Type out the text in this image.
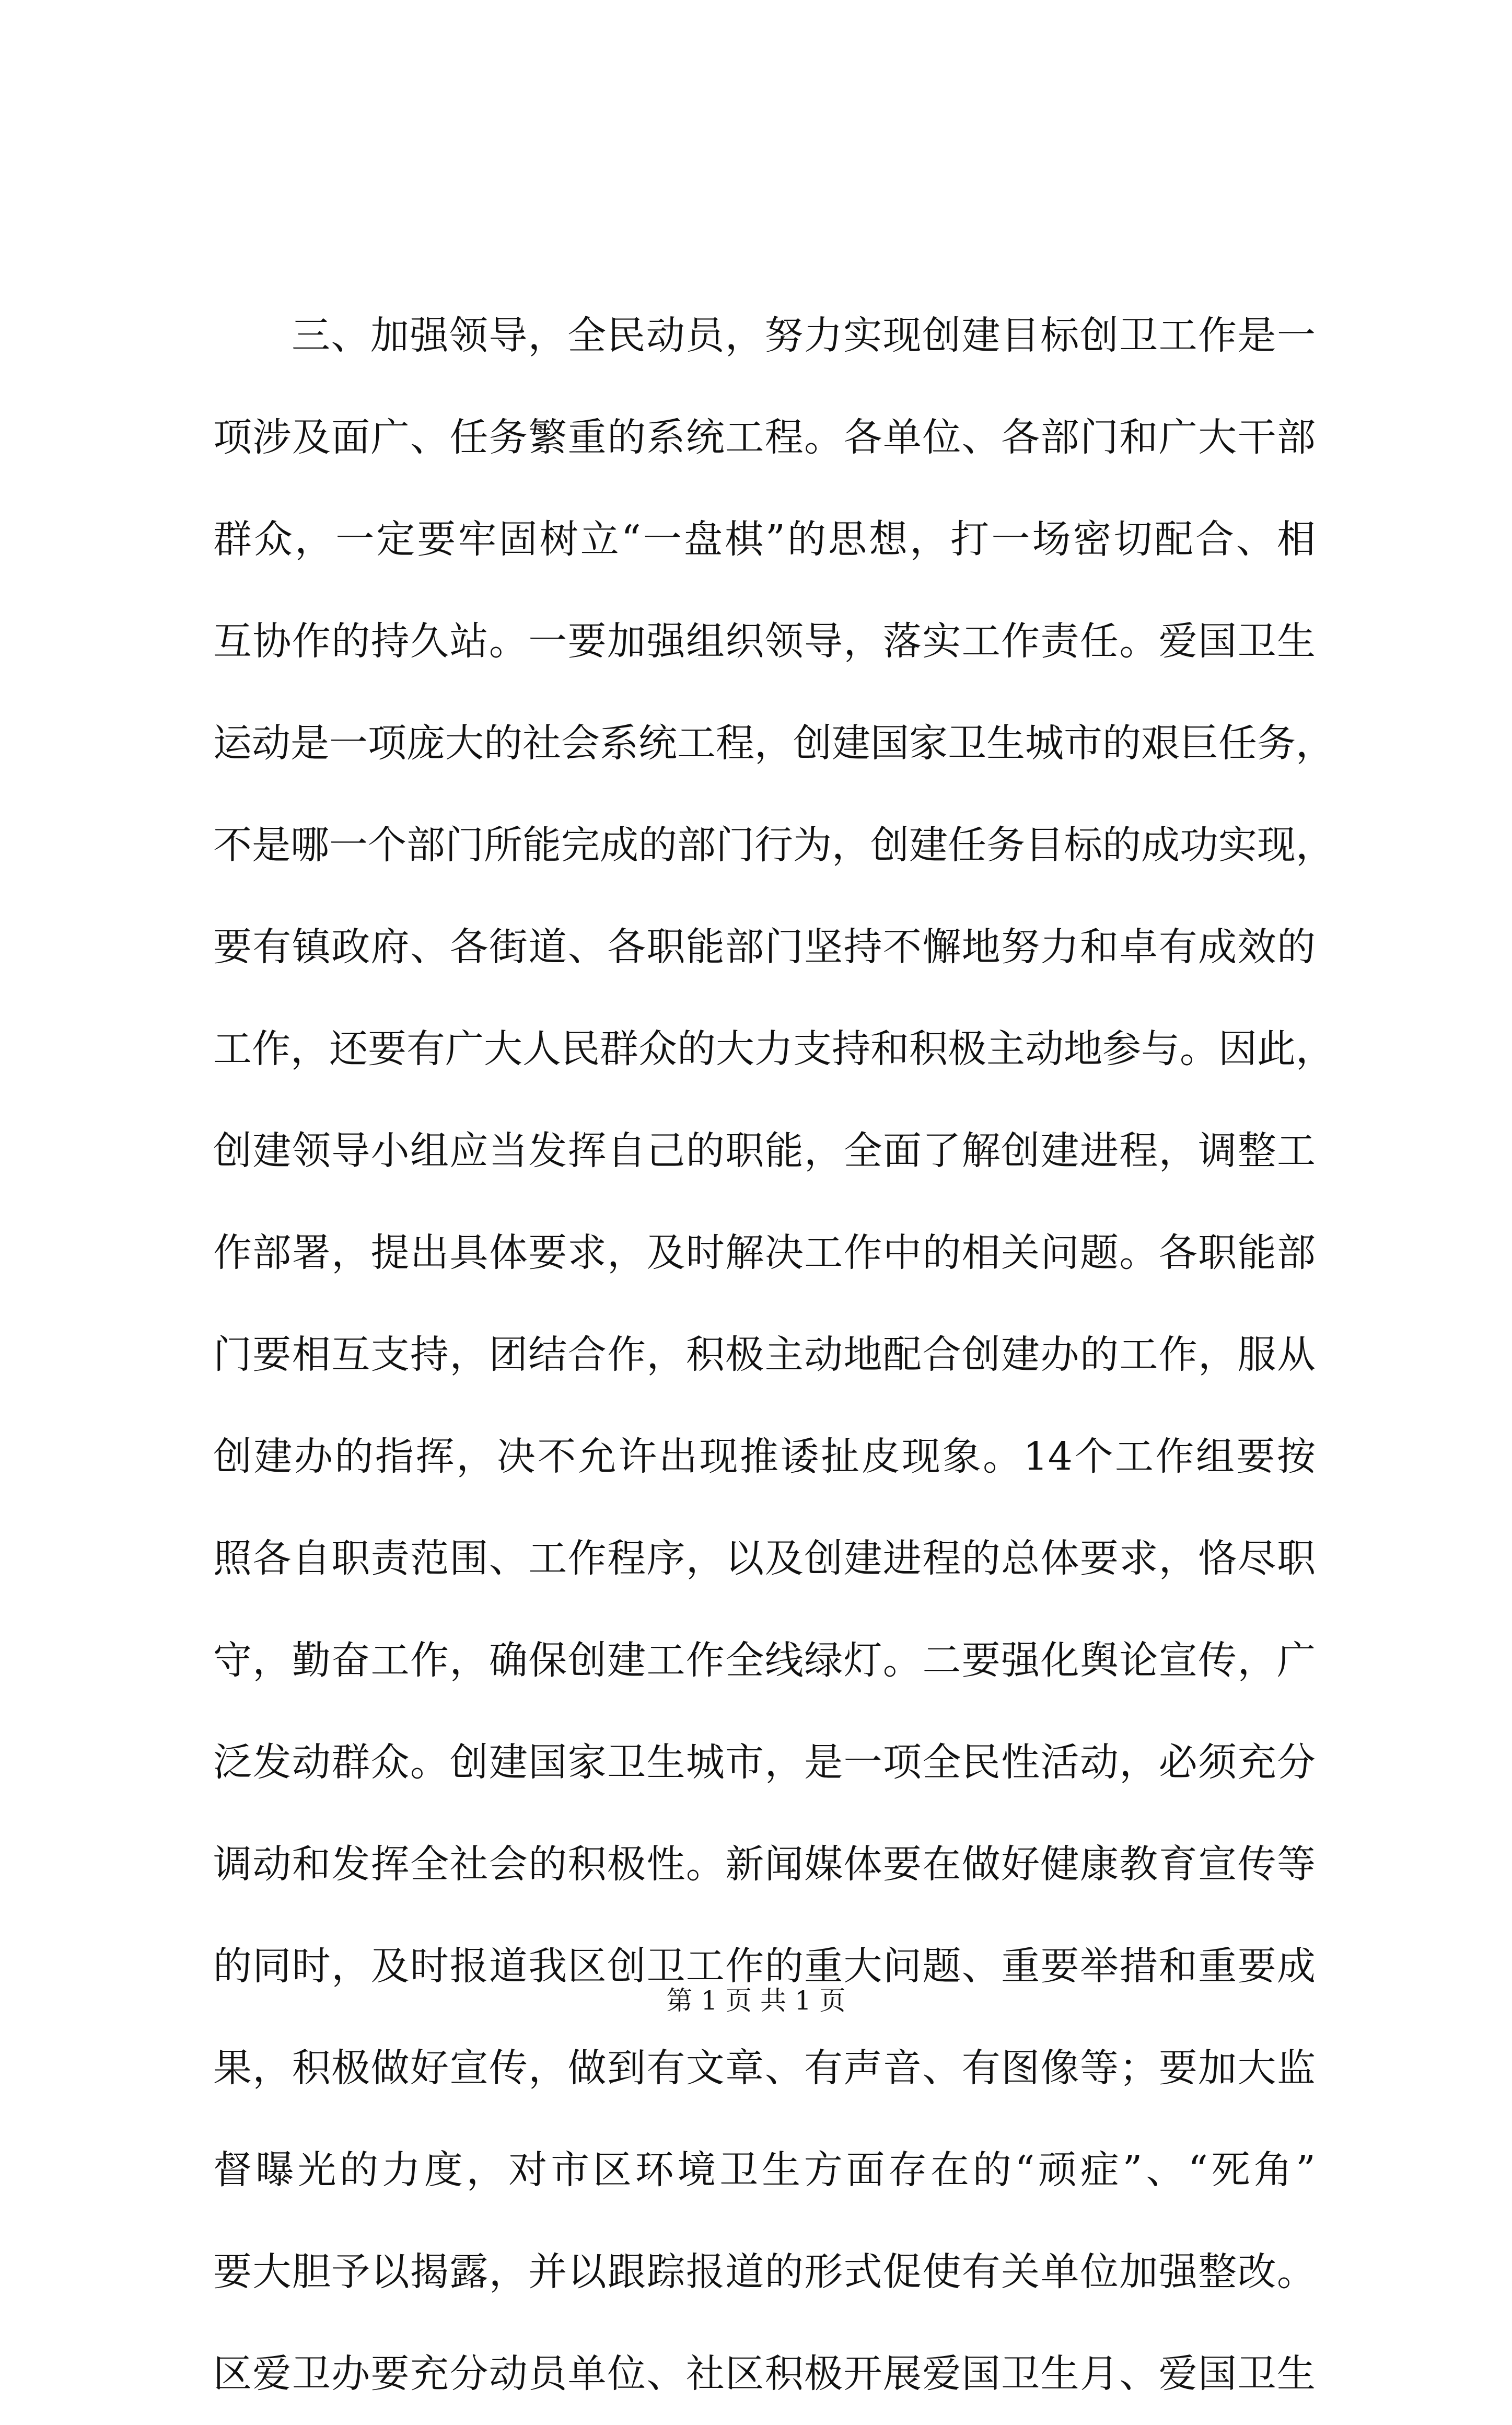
三、加强领导，全民动员，努力实现创建目标创卫工作是一
项涉及面广、任务繁重的系统工程。各单位、各部门和广大干部
群众，一定要牢固树立“一盘棋”的思想，打一场密切配合、相
互协作的持久站。一要加强组织领导，落实工作责任。爱国卫生
运动是一项庞大的社会系统工程，创建国家卫生城市的艰巨任务，
不是哪一个部门所能完成的部门行为，创建任务目标的成功实现，
要有镇政府、各街道、各职能部门坚持不懈地努力和卓有成效的
工作，还要有广大人民群众的大力支持和积极主动地参与。因此，
创建领导小组应当发挥自己的职能，全面了解创建进程，调整工
作部署，提出具体要求，及时解决工作中的相关问题。各职能部
门要相互支持，团结合作，积极主动地配合创建办的工作，服从
创建办的指挥，决不允许出现推诿扯皮现象。14个工作组要按
照各自职责范围、工作程序，以及创建进程的总体要求，恪尽职
守，勤奋工作，确保创建工作全线绿灯。二要强化舆论宣传，广
泛发动群众。创建国家卫生城市，是一项全民性活动，必须充分
调动和发挥全社会的积极性。新闻媒体要在做好健康教育宣传等
的同时，及时报道我区创卫工作的重大问题、重要举措和重要成
果，积极做好宣传，做到有文章、有声音、有图像等；要加大监
督曝光的力度，对市区环境卫生方面存在的“顽症”、“死角”
要大胆予以揭露，并以跟踪报道的形式促使有关单位加强整改。
区爱卫办要充分动员单位、社区积极开展爱国卫生月、爱国卫生
第 1 页 共 1 页
